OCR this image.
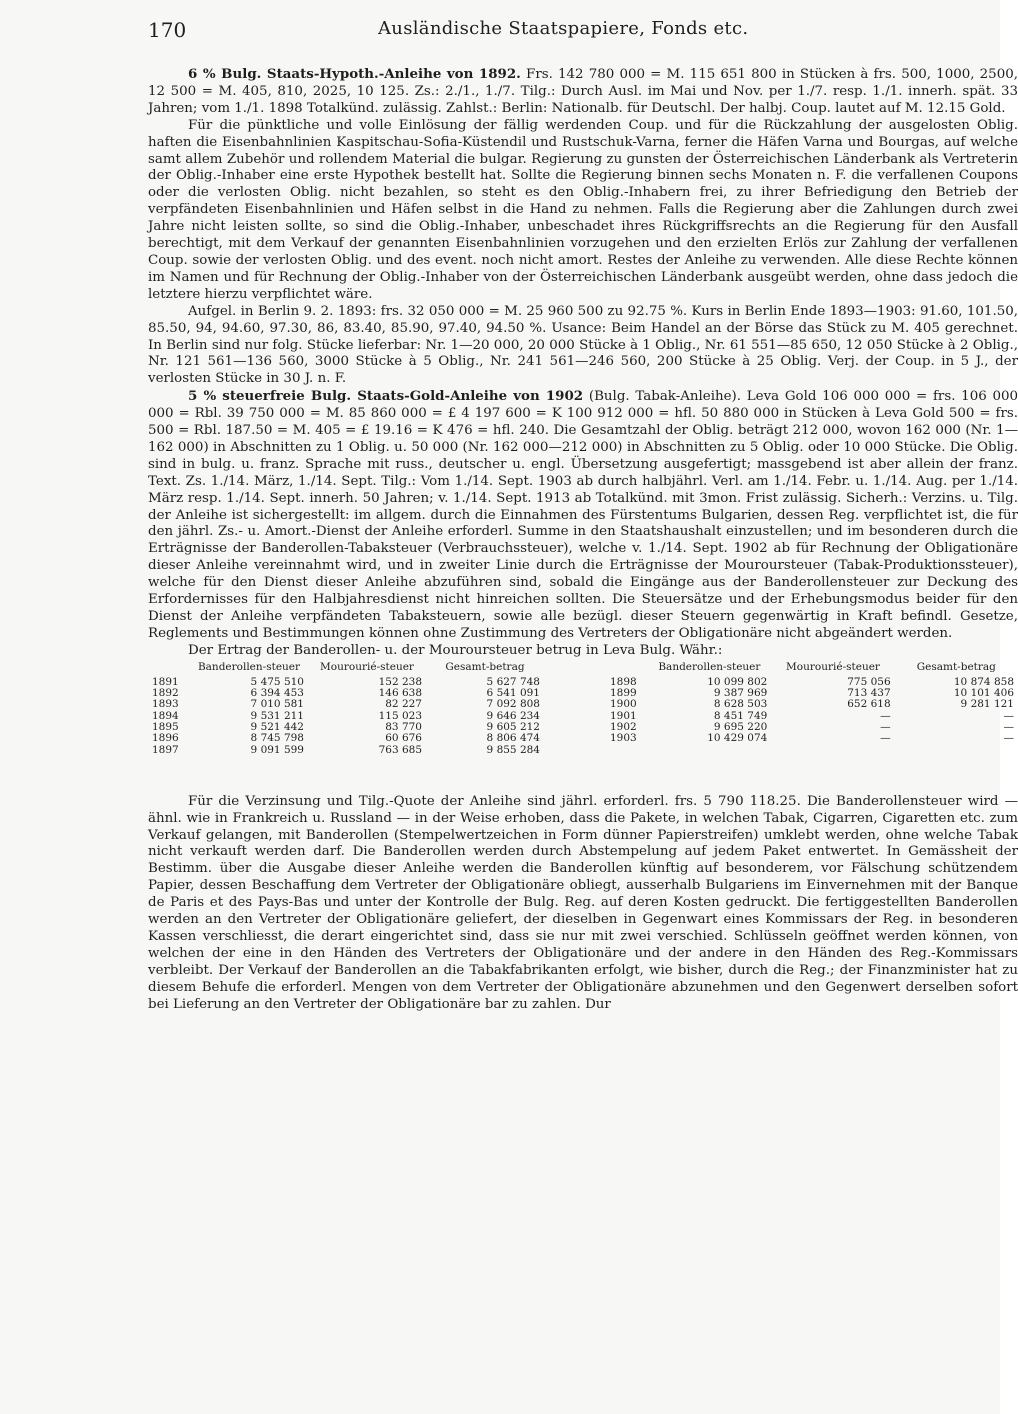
170	Ausländische Staatspapiere, Fonds etc.

6 % Bulg. Staats-Hypoth.-Anleihe von 1892. Frs. 142 780 000 = M. 115 651 800 in Stücken à frs. 500, 1000, 2500, 12 500 = M. 405, 810, 2025, 10 125. Zs.: 2./1., 1./7. Tilg.: Durch Ausl. im Mai und Nov. per 1./7. resp. 1./1. innerh. spät. 33 Jahren; vom 1./1. 1898 Totalkünd. zulässig. Zahlst.: Berlin: Nationalb. für Deutschl. Der halbj. Coup. lautet auf M. 12.15 Gold.

Für die pünktliche und volle Einlösung der fällig werdenden Coup. und für die Rückzahlung der ausgelosten Oblig. haften die Eisenbahnlinien Kaspitschau-Sofia-Küstendil und Rustschuk-Varna, ferner die Häfen Varna und Bourgas, auf welche samt allem Zubehör und rollendem Material die bulgar. Regierung zu gunsten der Österreichischen Länderbank als Vertreterin der Oblig.-Inhaber eine erste Hypothek bestellt hat. Sollte die Regierung binnen sechs Monaten n. F. die verfallenen Coupons oder die verlosten Oblig. nicht bezahlen, so steht es den Oblig.-Inhabern frei, zu ihrer Befriedigung den Betrieb der verpfändeten Eisenbahnlinien und Häfen selbst in die Hand zu nehmen. Falls die Regierung aber die Zahlungen durch zwei Jahre nicht leisten sollte, so sind die Oblig.-Inhaber, unbeschadet ihres Rückgriffsrechts an die Regierung für den Ausfall berechtigt, mit dem Verkauf der genannten Eisenbahnlinien vorzugehen und den erzielten Erlös zur Zahlung der verfallenen Coup. sowie der verlosten Oblig. und des event. noch nicht amort. Restes der Anleihe zu verwenden. Alle diese Rechte können im Namen und für Rechnung der Oblig.-Inhaber von der Österreichischen Länderbank ausgeübt werden, ohne dass jedoch die letztere hierzu verpflichtet wäre.

Aufgel. in Berlin 9. 2. 1893: frs. 32 050 000 = M. 25 960 500 zu 92.75 %. Kurs in Berlin Ende 1893—1903: 91.60, 101.50, 85.50, 94, 94.60, 97.30, 86, 83.40, 85.90, 97.40, 94.50 %. Usance: Beim Handel an der Börse das Stück zu M. 405 gerechnet. In Berlin sind nur folg. Stücke lieferbar: Nr. 1—20 000, 20 000 Stücke à 1 Oblig., Nr. 61 551—85 650, 12 050 Stücke à 2 Oblig., Nr. 121 561—136 560, 3000 Stücke à 5 Oblig., Nr. 241 561—246 560, 200 Stücke à 25 Oblig. Verj. der Coup. in 5 J., der verlosten Stücke in 30 J. n. F.

5 % steuerfreie Bulg. Staats-Gold-Anleihe von 1902 (Bulg. Tabak-Anleihe). Leva Gold 106 000 000 = frs. 106 000 000 = Rbl. 39 750 000 = M. 85 860 000 = £ 4 197 600 = K 100 912 000 = hfl. 50 880 000 in Stücken à Leva Gold 500 = frs. 500 = Rbl. 187.50 = M. 405 = £ 19.16 = K 476 = hfl. 240. Die Gesamtzahl der Oblig. beträgt 212 000, wovon 162 000 (Nr. 1—162 000) in Abschnitten zu 1 Oblig. u. 50 000 (Nr. 162 000—212 000) in Abschnitten zu 5 Oblig. oder 10 000 Stücke. Die Oblig. sind in bulg. u. franz. Sprache mit russ., deutscher u. engl. Übersetzung ausgefertigt; massgebend ist aber allein der franz. Text. Zs. 1./14. März, 1./14. Sept. Tilg.: Vom 1./14. Sept. 1903 ab durch halbjährl. Verl. am 1./14. Febr. u. 1./14. Aug. per 1./14. März resp. 1./14. Sept. innerh. 50 Jahren; v. 1./14. Sept. 1913 ab Totalkünd. mit 3mon. Frist zulässig. Sicherh.: Verzins. u. Tilg. der Anleihe ist sichergestellt: im allgem. durch die Einnahmen des Fürstentums Bulgarien, dessen Reg. verpflichtet ist, die für den jährl. Zs.- u. Amort.-Dienst der Anleihe erforderl. Summe in den Staatshaushalt einzustellen; und im besonderen durch die Erträgnisse der Banderollen-Tabaksteuer (Verbrauchssteuer), welche v. 1./14. Sept. 1902 ab für Rechnung der Obligationäre dieser Anleihe vereinnahmt wird, und in zweiter Linie durch die Erträgnisse der Mouroursteuer (Tabak-Produktionssteuer), welche für den Dienst dieser Anleihe abzuführen sind, sobald die Eingänge aus der Banderollensteuer zur Deckung des Erfordernisses für den Halbjahresdienst nicht hinreichen sollten. Die Steuersätze und der Erhebungsmodus beider für den Dienst der Anleihe verpfändeten Tabaksteuern, sowie alle bezügl. dieser Steuern gegenwärtig in Kraft befindl. Gesetze, Reglements und Bestimmungen können ohne Zustimmung des Vertreters der Obligationäre nicht abgeändert werden.

Der Ertrag der Banderollen- u. der Mouroursteuer betrug in Leva Bulg. Währ.:

	Banderollen-steuer	Mourourié-steuer	Gesamt-betrag
1891	5 475 510	152 238	5 627 748
1892	6 394 453	146 638	6 541 091
1893	7 010 581	82 227	7 092 808
1894	9 531 211	115 023	9 646 234
1895	9 521 442	83 770	9 605 212
1896	8 745 798	60 676	8 806 474
1897	9 091 599	763 685	9 855 284
	Banderollen-steuer	Mourourié-steuer	Gesamt-betrag
1898	10 099 802	775 056	10 874 858
1899	9 387 969	713 437	10 101 406
1900	8 628 503	652 618	9 281 121
1901	8 451 749	—	—
1902	9 695 220	—	—
1903	10 429 074	—	—

Für die Verzinsung und Tilg.-Quote der Anleihe sind jährl. erforderl. frs. 5 790 118.25. Die Banderollensteuer wird — ähnl. wie in Frankreich u. Russland — in der Weise erhoben, dass die Pakete, in welchen Tabak, Cigarren, Cigaretten etc. zum Verkauf gelangen, mit Banderollen (Stempelwertzeichen in Form dünner Papierstreifen) umklebt werden, ohne welche Tabak nicht verkauft werden darf. Die Banderollen werden durch Abstempelung auf jedem Paket entwertet. In Gemässheit der Bestimm. über die Ausgabe dieser Anleihe werden die Banderollen künftig auf besonderem, vor Fälschung schützendem Papier, dessen Beschaffung dem Vertreter der Obligationäre obliegt, ausserhalb Bulgariens im Einvernehmen mit der Banque de Paris et des Pays-Bas und unter der Kontrolle der Bulg. Reg. auf deren Kosten gedruckt. Die fertiggestellten Banderollen werden an den Vertreter der Obligationäre geliefert, der dieselben in Gegenwart eines Kommissars der Reg. in besonderen Kassen verschliesst, die derart eingerichtet sind, dass sie nur mit zwei verschied. Schlüsseln geöffnet werden können, von welchen der eine in den Händen des Vertreters der Obligationäre und der andere in den Händen des Reg.-Kommissars verbleibt. Der Verkauf der Banderollen an die Tabakfabrikanten erfolgt, wie bisher, durch die Reg.; der Finanzminister hat zu diesem Behufe die erforderl. Mengen von dem Vertreter der Obligationäre abzunehmen und den Gegenwert derselben sofort bei Lieferung an den Vertreter der Obligationäre bar zu zahlen. Dur
